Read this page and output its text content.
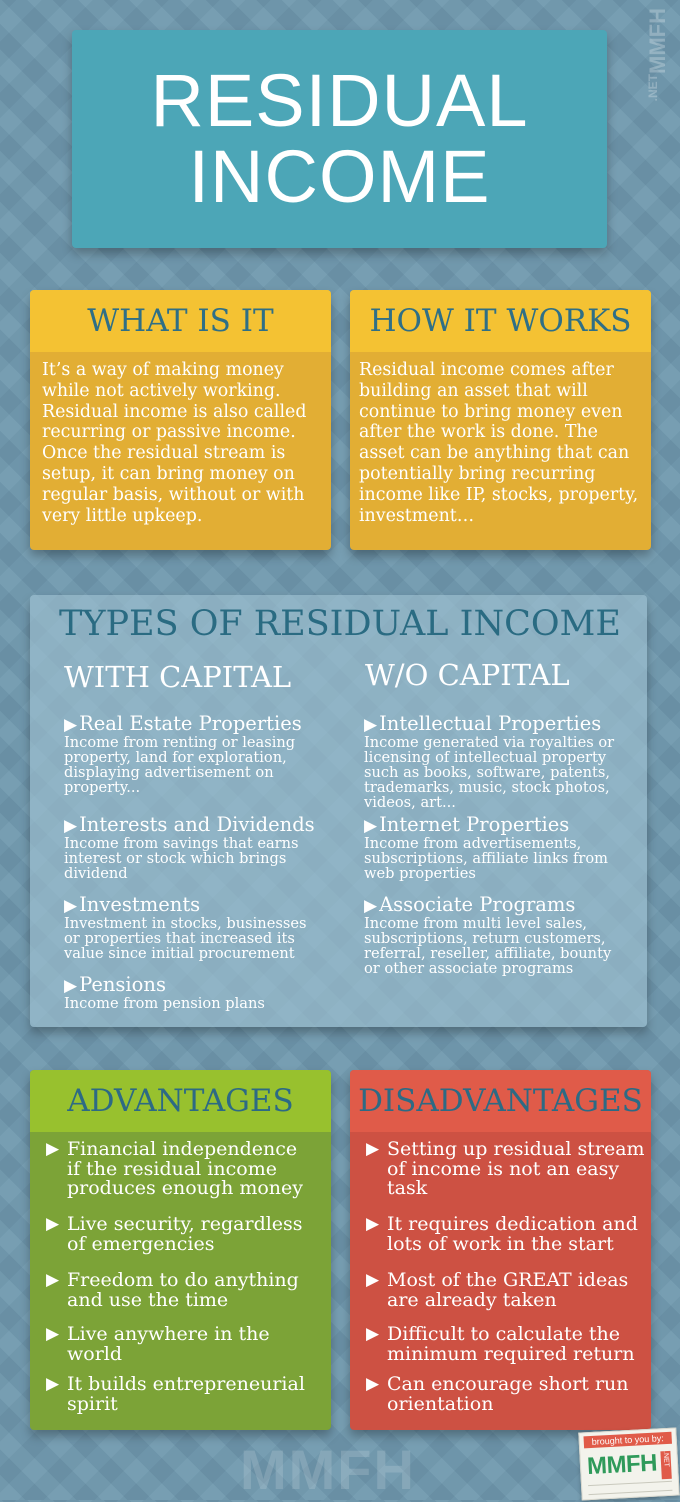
MMFH
.NET
RESIDUAL
INCOME
WHAT IS IT
It’s a way of making money
while not actively working.
Residual income is also called
recurring or passive income.
Once the residual stream is
setup, it can bring money on
regular basis, without or with
very little upkeep.
HOW IT WORKS
Residual income comes after
building an asset that will
continue to bring money even
after the work is done. The
asset can be anything that can
potentially bring recurring
income like IP, stocks, property,
investment…
TYPES OF RESIDUAL INCOME
WITH CAPITAL	W/O CAPITAL
▶ Real Estate Properties
Income from renting or leasing
property, land for exploration,
displaying advertisement on
property...
▶ Interests and Dividends
Income from savings that earns
interest or stock which brings
dividend
▶ Investments
Investment in stocks, businesses
or properties that increased its
value since initial procurement
▶ Pensions
Income from pension plans
▶ Intellectual Properties
Income generated via royalties or
licensing of intellectual property
such as books, software, patents,
trademarks, music, stock photos,
videos, art...
▶ Internet Properties
Income from advertisements,
subscriptions, affiliate links from
web properties
▶ Associate Programs
Income from multi level sales,
subscriptions, return customers,
referral, reseller, affiliate, bounty
or other associate programs
ADVANTAGES
▶ Financial independence
if the residual income
produces enough money
▶ Live security, regardless
of emergencies
▶ Freedom to do anything
and use the time
▶ Live anywhere in the
world
▶ It builds entrepreneurial
spirit
DISADVANTAGES
▶ Setting up residual stream
of income is not an easy
task
▶ It requires dedication and
lots of work in the start
▶ Most of the GREAT ideas
are already taken
▶ Difficult to calculate the
minimum required return
▶ Can encourage short run
orientation
MMFH	brought to you by:
MMFH .NET
